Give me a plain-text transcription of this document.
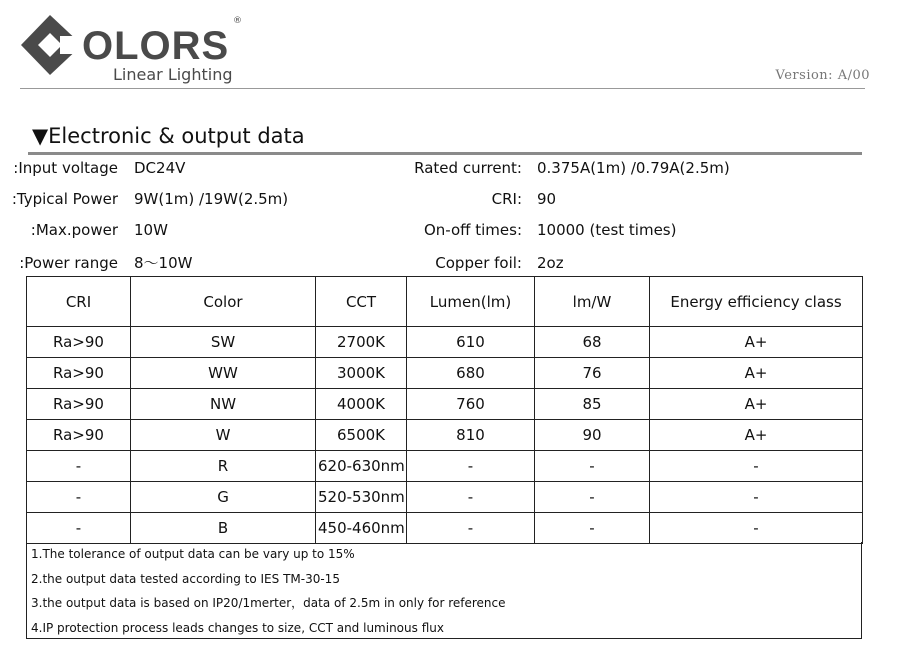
OLORS
®
Linear Lighting	Version: A/00
▼Electronic & output data
Input voltage: DC24V	Rated current: 0.375A(1m) /0.79A(2.5m)
Typical Power: 9W(1m) /19W(2.5m)	CRI: 90
Max.power: 10W	On-off times: 10000 (test times)
Power range: 8～10W	Copper foil: 2oz
CRI	Color	CCT	Lumen(lm)	lm/W	Energy efficiency class
Ra>90	SW	2700K	610	68	A+
Ra>90	WW	3000K	680	76	A+
Ra>90	NW	4000K	760	85	A+
Ra>90	W	6500K	810	90	A+
-	R	620-630nm	-	-	-
-	G	520-530nm	-	-	-
-	B	450-460nm	-	-	-
1.The tolerance of output data can be vary up to 15%
2.the output data tested according to IES TM-30-15
3.the output data is based on IP20/1merter，data of 2.5m in only for reference
4.IP protection process leads changes to size, CCT and luminous flux
